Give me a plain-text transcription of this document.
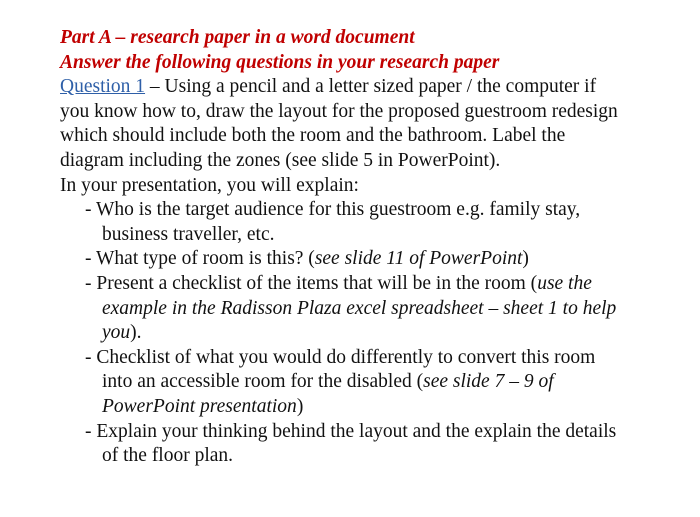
Part A – research paper in a word document
Answer the following questions in your research paper

Question 1 – Using a pencil and a letter sized paper / the computer if you know how to, draw the layout for the proposed guestroom redesign which should include both the room and the bathroom. Label the diagram including the zones (see slide 5 in PowerPoint).

In your presentation, you will explain:

- Who is the target audience for this guestroom e.g. family stay, business traveller, etc.
- What type of room is this? (see slide 11 of PowerPoint)
- Present a checklist of the items that will be in the room (use the example in the Radisson Plaza excel spreadsheet – sheet 1 to help you).
- Checklist of what you would do differently to convert this room into an accessible room for the disabled (see slide 7 – 9 of PowerPoint presentation)
- Explain your thinking behind the layout and the explain the details of the floor plan.
